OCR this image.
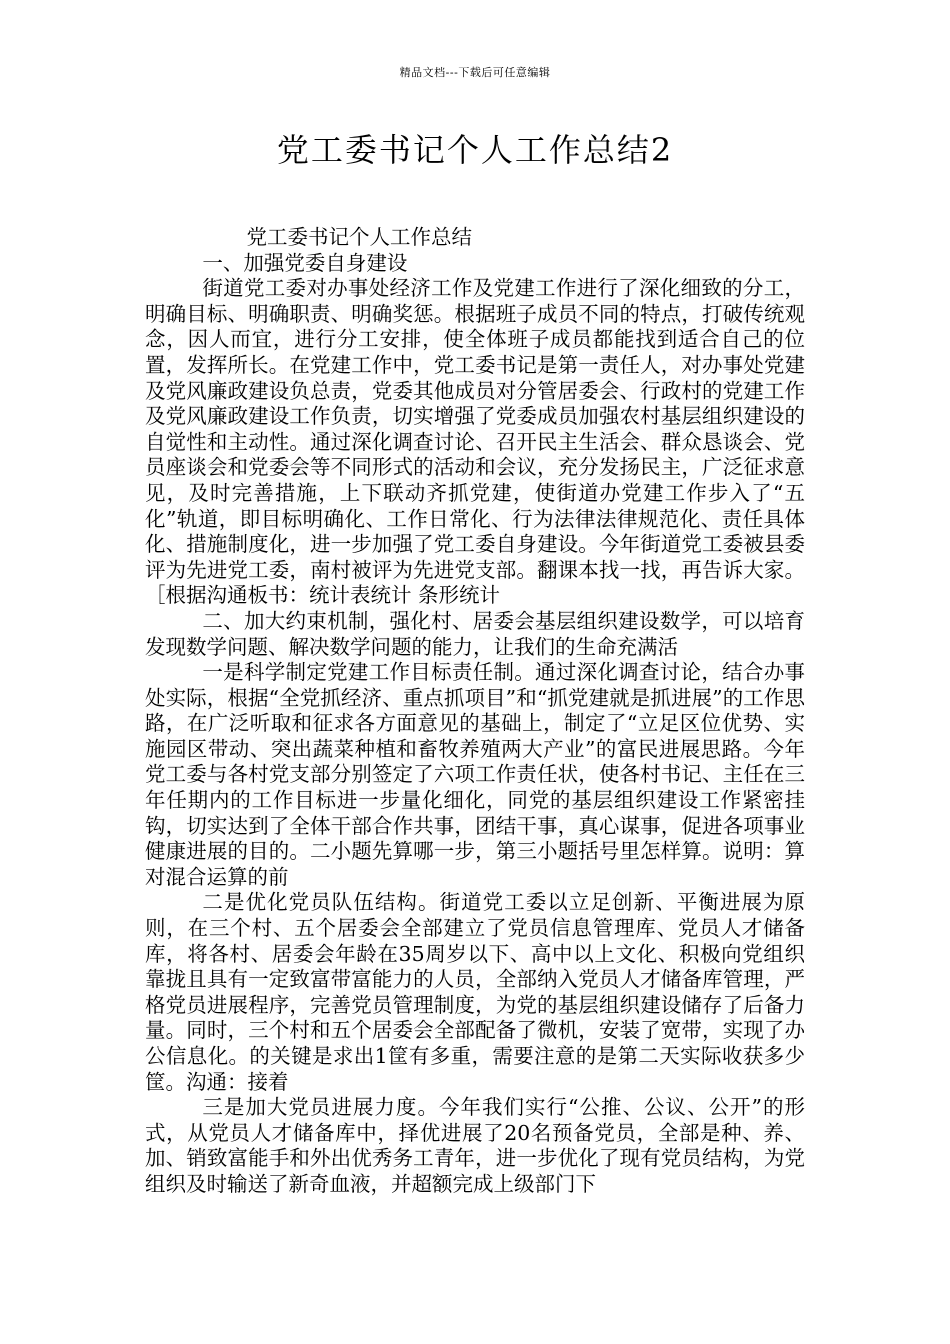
精品文档---下载后可任意编辑
党工委书记个人工作总结2

党工委书记个人工作总结

一、加强党委自身建设

街道党工委对办事处经济工作及党建工作进行了深化细致的分工，明确目标、明确职责、明确奖惩。根据班子成员不同的特点，打破传统观念，因人而宜，进行分工安排，使全体班子成员都能找到适合自己的位置，发挥所长。在党建工作中，党工委书记是第一责任人，对办事处党建及党风廉政建设负总责，党委其他成员对分管居委会、行政村的党建工作及党风廉政建设工作负责，切实增强了党委成员加强农村基层组织建设的自觉性和主动性。通过深化调查讨论、召开民主生活会、群众恳谈会、党员座谈会和党委会等不同形式的活动和会议，充分发扬民主，广泛征求意见，及时完善措施，上下联动齐抓党建，使街道办党建工作步入了“五化”轨道，即目标明确化、工作日常化、行为法律法律规范化、责任具体化、措施制度化，进一步加强了党工委自身建设。今年街道党工委被县委评为先进党工委，南村被评为先进党支部。翻课本找一找，再告诉大家。［根据沟通板书：统计表统计 条形统计

二、加大约束机制，强化村、居委会基层组织建设数学，可以培育发现数学问题、解决数学问题的能力，让我们的生命充满活

一是科学制定党建工作目标责任制。通过深化调查讨论，结合办事处实际，根据“全党抓经济、重点抓项目”和“抓党建就是抓进展”的工作思路，在广泛听取和征求各方面意见的基础上，制定了“立足区位优势、实施园区带动、突出蔬菜种植和畜牧养殖两大产业”的富民进展思路。今年党工委与各村党支部分别签定了六项工作责任状，使各村书记、主任在三年任期内的工作目标进一步量化细化，同党的基层组织建设工作紧密挂钩，切实达到了全体干部合作共事，团结干事，真心谋事，促进各项事业健康进展的目的。二小题先算哪一步，第三小题括号里怎样算。说明：算对混合运算的前

二是优化党员队伍结构。街道党工委以立足创新、平衡进展为原则，在三个村、五个居委会全部建立了党员信息管理库、党员人才储备库，将各村、居委会年龄在35周岁以下、高中以上文化、积极向党组织靠拢且具有一定致富带富能力的人员，全部纳入党员人才储备库管理，严格党员进展程序，完善党员管理制度，为党的基层组织建设储存了后备力量。同时，三个村和五个居委会全部配备了微机，安装了宽带，实现了办公信息化。的关键是求出1筐有多重，需要注意的是第二天实际收获多少筐。沟通：接着

三是加大党员进展力度。今年我们实行“公推、公议、公开”的形式，从党员人才储备库中，择优进展了20名预备党员，全部是种、养、加、销致富能手和外出优秀务工青年，进一步优化了现有党员结构，为党组织及时输送了新奇血液，并超额完成上级部门下
